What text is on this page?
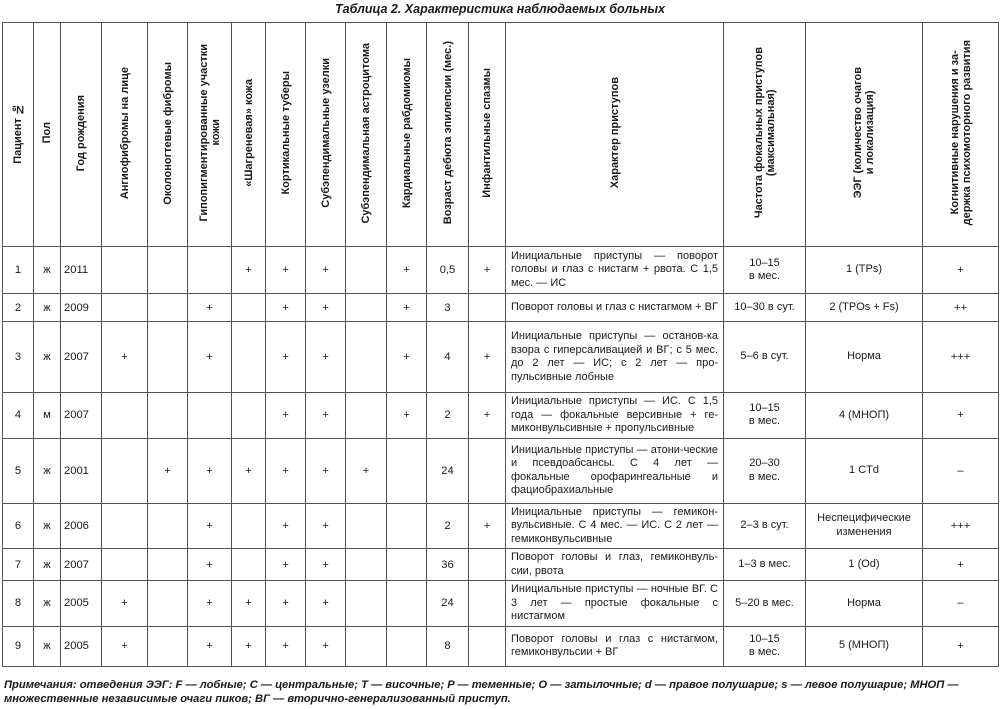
Таблица 2. Характеристика наблюдаемых больных
Пациент №	Пол	Год рождения	Ангиофибромы на лице	Околоногтевые фибромы	Гипопигментированные участки
кожи	«Шагреневая» кожа	Кортикальные туберы	Субэпендимальные узелки	Субэпендимальная астроцитома	Кардиальные рабдомиомы	Возраст дебюта эпилепсии (мес.)	Инфантильные спазмы	Характер приступов	Частота фокальных приступов
(максимальная)	ЭЭГ (количество очагов
и локализация)	Когнитивные нарушения и за-
держка психомоторного развития
1	ж	2011				+	+	+		+	0,5	+	Инициальные приступы — поворот головы и глаз с нистагм + рвота. С 1,5 мес. — ИС	10–15
в мес.	1 (TPs)	+
2	ж	2009			+		+	+		+	3		Поворот головы и глаз с нистагмом + ВГ	10–30 в сут.	2 (TPOs + Fs)	++
3	ж	2007	+		+		+	+		+	4	+	Инициальные приступы — останов-ка взора с гиперсаливацией и ВГ; с 5 мес. до 2 лет — ИС; с 2 лет — про-пульсивные лобные	5–6 в сут.	Норма	+++
4	м	2007					+	+		+	2	+	Инициальные приступы — ИС. С 1,5 года — фокальные версивные + ге-миконвульсивные + пропульсивные	10–15
в мес.	4 (МНОП)	+
5	ж	2001		+	+	+	+	+	+		24		Инициальные приступы — атони-ческие и псевдоабсансы. С 4 лет — фокальные орофарингеальные и фациобрахиальные	20–30
в мес.	1 CTd	–
6	ж	2006			+		+	+			2	+	Инициальные приступы — гемикон-вульсивные. С 4 мес. — ИС. С 2 лет — гемиконвульсивные	2–3 в сут.	Неспецифические
изменения	+++
7	ж	2007			+		+	+			36		Поворот головы и глаз, гемиконвуль-сии, рвота	1–3 в мес.	1 (Od)	+
8	ж	2005	+		+	+	+	+			24		Инициальные приступы — ночные ВГ. С 3 лет — простые фокальные с нистагмом	5–20 в мес.	Норма	–
9	ж	2005	+		+	+	+	+			8		Поворот головы и глаз с нистагмом, гемиконвульсии + ВГ	10–15
в мес.	5 (МНОП)	+
Примечания: отведения ЭЭГ: F — лобные; C — центральные; T — височные; P — теменные; O — затылочные; d — правое полушарие; s — левое полушарие; МНОП — множественные независимые очаги пиков; ВГ — вторично-генерализованный приступ.
